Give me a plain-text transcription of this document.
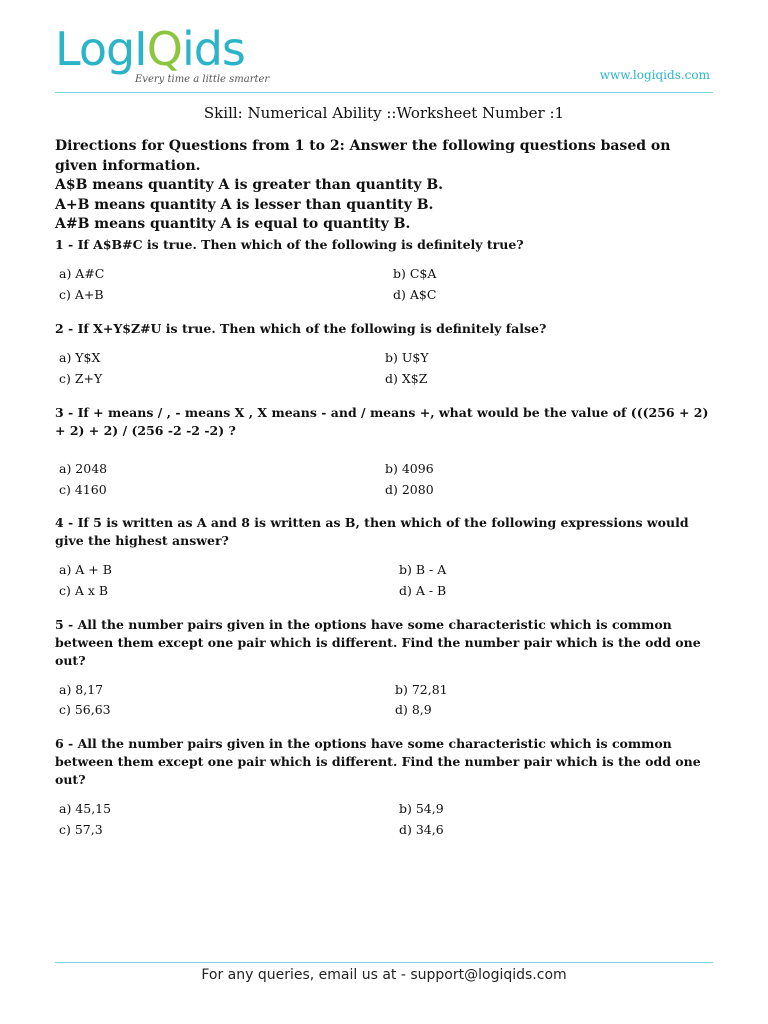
LogIQids
Every time a little smarter	www.logiqids.com
Skill: Numerical Ability ::Worksheet Number :1
Directions for Questions from 1 to 2: Answer the following questions based on given information.
A$B means quantity A is greater than quantity B.
A+B means quantity A is lesser than quantity B.
A#B means quantity A is equal to quantity B.
1 - If A$B#C is true. Then which of the following is definitely true?
a) A#C	b) C$A
c) A+B	d) A$C
2 - If X+Y$Z#U is true. Then which of the following is definitely false?
a) Y$X	b) U$Y
c) Z+Y	d) X$Z
3 - If + means / , - means X , X means - and / means +, what would be the value of (((256 + 2) + 2) + 2) / (256 -2 -2 -2) ?
a) 2048	b) 4096
c) 4160	d) 2080
4 - If 5 is written as A and 8 is written as B, then which of the following expressions would give the highest answer?
a) A + B	b) B - A
c) A x B	d) A - B
5 - All the number pairs given in the options have some characteristic which is common between them except one pair which is different. Find the number pair which is the odd one out?
a) 8,17	b) 72,81
c) 56,63	d) 8,9
6 - All the number pairs given in the options have some characteristic which is common between them except one pair which is different. Find the number pair which is the odd one out?
a) 45,15	b) 54,9
c) 57,3	d) 34,6
For any queries, email us at - support@logiqids.com
